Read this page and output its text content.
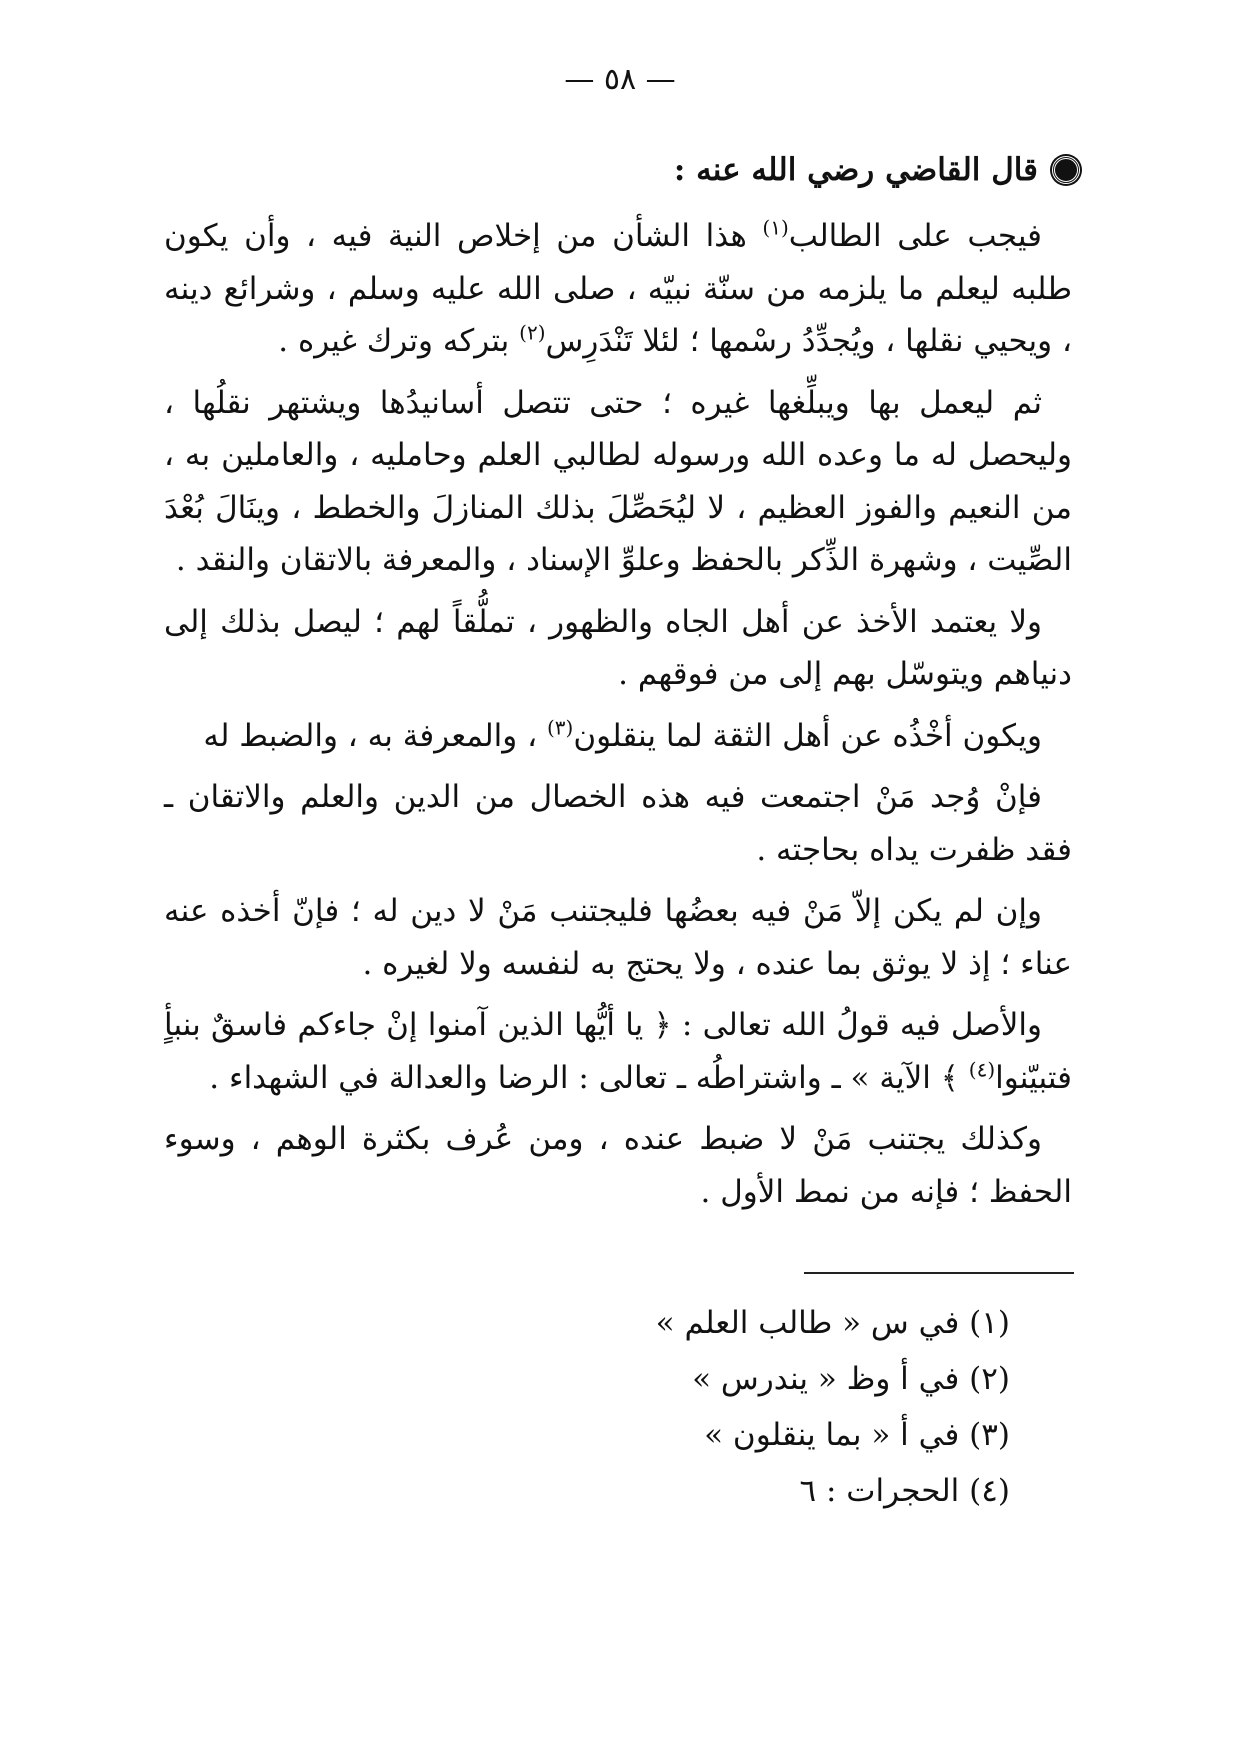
— ٥٨ —
قال القاضي رضي الله عنه :

فيجب على الطالب$^{(١)}$ هذا الشأن من إخلاص النية فيه ، وأن يكون طلبه ليعلم ما يلزمه من سنّة نبيّه ، صلى الله عليه وسلم ، وشرائع دينه ، ويحيي نقلها ، ويُجدِّدُ رسْمها ؛ لئلا تَنْدَرِس$^{(٢)}$ بتركه وترك غيره .

ثم ليعمل بها ويبلِّغها غيره ؛ حتى تتصل أسانيدُها ويشتهر نقلُها ، وليحصل له ما وعده الله ورسوله لطالبي العلم وحامليه ، والعاملين به ، من النعيم والفوز العظيم ، لا ليُحَصِّلَ بذلك المنازلَ والخطط ، وينَالَ بُعْدَ الصِّيت ، وشهرة الذِّكر بالحفظ وعلوِّ الإسناد ، والمعرفة بالاتقان والنقد .

ولا يعتمد الأخذ عن أهل الجاه والظهور ، تملُّقاً لهم ؛ ليصل بذلك إلى دنياهم ويتوسّل بهم إلى من فوقهم .

ويكون أخْذُه عن أهل الثقة لما ينقلون$^{(٣)}$ ، والمعرفة به ، والضبط له

فإنْ وُجد مَنْ اجتمعت فيه هذه الخصال من الدين والعلم والاتقان ـ فقد ظفرت يداه بحاجته .

وإن لم يكن إلاّ مَنْ فيه بعضُها فليجتنب مَنْ لا دين له ؛ فإنّ أخذه عنه عناء ؛ إذ لا يوثق بما عنده ، ولا يحتج به لنفسه ولا لغيره .

والأصل فيه قولُ الله تعالى : ﴿ يا أيُّها الذين آمنوا إنْ جاءكم فاسقٌ بنبأٍ فتبيّنوا$^{(٤)}$ ﴾ الآية » ـ واشتراطُه ـ تعالى : الرضا والعدالة في الشهداء .

وكذلك يجتنب مَنْ لا ضبط عنده ، ومن عُرف بكثرة الوهم ، وسوء الحفظ ؛ فإنه من نمط الأول .

(١) في س « طالب العلم »
(٢) في أ وظ « يندرس »
(٣) في أ « بما ينقلون »
(٤) الحجرات : ٦
